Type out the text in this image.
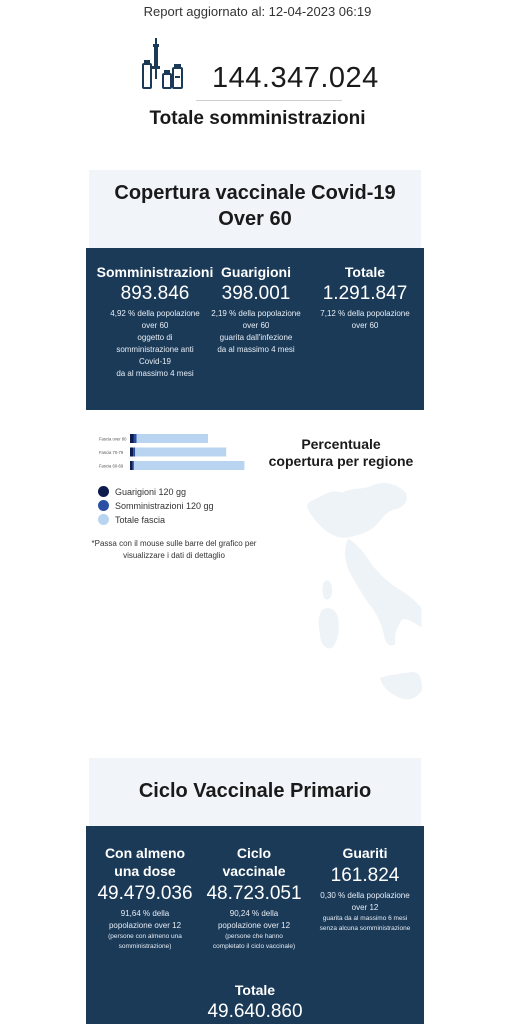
Report aggiornato al: 12-04-2023 06:19
144.347.024
Totale somministrazioni
Copertura vaccinale Covid-19
Over 60
Somministrazioni
893.846
4,92 % della popolazione
over 60
oggetto di
somministrazione anti
Covid-19
da al massimo 4 mesi
Guarigioni
398.001
2,19 % della popolazione
over 60
guarita dall'infezione
da al massimo 4 mesi
Totale
1.291.847
7,12 % della popolazione
over 60
Fascia over 80
Fascia 70-79
Fascia 60-69
Guarigioni 120 gg
Somministrazioni 120 gg
Totale fascia
*Passa con il mouse sulle barre del grafico per
visualizzare i dati di dettaglio
Percentuale
copertura per regione
Ciclo Vaccinale Primario
Con almeno
una dose
49.479.036
91,64 % della
popolazione over 12
(persone con almeno una
somministrazione)
Ciclo
vaccinale
48.723.051
90,24 % della
popolazione over 12
(persone che hanno
completato il ciclo vaccinale)
Guariti
161.824
0,30 % della popolazione
over 12
guarita da al massimo 6 mesi
senza alcuna somministrazione
Totale
49.640.860
